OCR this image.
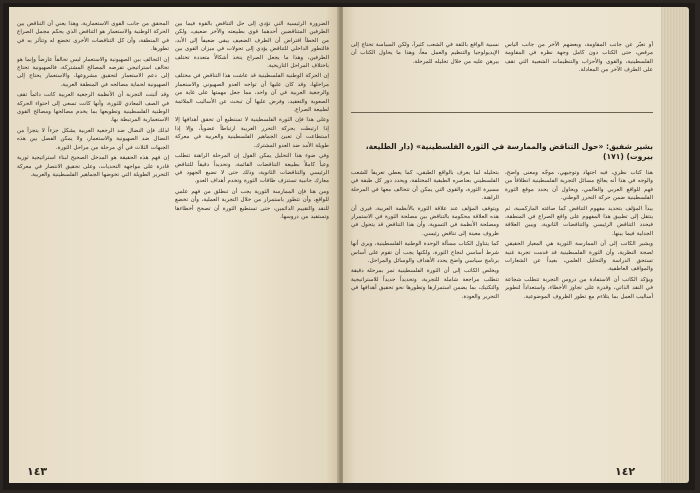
الضرورة الرئيسية التي تؤدي إلى حل التناقض بالقوة فيما بين الطرفين المتناقضين أحدهما قوي بطبيعته والآخر ضعيف، ولكن من الخطأ افتراض أن الطرف الضعيف يبقى ضعيفاً إلى الأبد، فالتطور الداخلي للتناقض يؤدي إلى تحولات في ميزان القوى بين الطرفين، وهذا ما يجعل الصراع يتخذ أشكالاً متعددة تختلف باختلاف المراحل التاريخية.

إن الحركة الوطنية الفلسطينية قد عاشت هذا التناقض في مختلف مراحلها، وقد كان عليها أن تواجه العدو الصهيوني والاستعمار والرجعية العربية في آن واحد، مما جعل مهمتها على غاية من الصعوبة والتعقيد، وفرض عليها أن تبحث عن الأساليب الملائمة لطبيعة الصراع.

وعلى هذا فإن الثورة الفلسطينية لا تستطيع أن تحقق أهدافها إلا إذا ارتبطت بحركة التحرر العربية ارتباطاً عضوياً، وإلا إذا استطاعت أن تعبئ الجماهير الفلسطينية والعربية في معركة طويلة الأمد ضد العدو المشترك.

وفي ضوء هذا التحليل يمكن القول إن المرحلة الراهنة تتطلب وعياً كاملاً بطبيعة التناقضات القائمة، وتحديداً دقيقاً للتناقض الرئيسي والتناقضات الثانوية، وذلك حتى لا تضيع الجهود في معارك جانبية تستنزف طاقات الثورة وتخدم أهداف العدو.

ومن هنا فإن الممارسة الثورية يجب أن تنطلق من فهم علمي للواقع، وأن تتطور باستمرار من خلال التجربة العملية، وأن تخضع للنقد والتقييم الدائمين، حتى تستطيع الثورة أن تصحح أخطاءها وتستفيد من دروسها.

المحقق من جانب القوى الاستعمارية، وهذا يعني أن التناقض بين الحركة الوطنية والاستعمار هو التناقض الذي يحكم مجمل الصراع في المنطقة، وأن كل التناقضات الأخرى تخضع له وتتأثر به في تطورها.

إن التحالف بين الصهيونية والاستعمار ليس تحالفاً عارضاً وإنما هو تحالف استراتيجي تفرضه المصالح المشتركة، فالصهيونية تحتاج إلى دعم الاستعمار لتحقيق مشروعها، والاستعمار يحتاج إلى الصهيونية لحماية مصالحه في المنطقة العربية.

وقد أثبتت التجربة أن الأنظمة الرجعية العربية كانت دائماً تقف في الصف المعادي للثورة، وأنها كانت تسعى إلى احتواء الحركة الوطنية الفلسطينية وتطويعها بما يخدم مصالحها ومصالح القوى الاستعمارية المرتبطة بها.

لذلك فإن النضال ضد الرجعية العربية يشكل جزءاً لا يتجزأ من النضال ضد الصهيونية والاستعمار، ولا يمكن الفصل بين هذه الجبهات الثلاث في أي مرحلة من مراحل الثورة.

إن فهم هذه الحقيقة هو المدخل الصحيح لبناء استراتيجية ثورية قادرة على مواجهة التحديات، وعلى تحقيق الانتصار في معركة التحرير الطويلة التي تخوضها الجماهير الفلسطينية والعربية.

١٤٣

أو تعبّر عن جانب المقاومة، وبعضهم الآخر من جانب الياس مرقص، حتى الكتاب دون كامل وجهة نظره في المقاومة الفلسطينية، والقوى والأحزاب والتنظيمات الشعبية التي تقف على الطرف الآخر من المعادلة.

نسبية الواقع بالثقة في الشعب كثيراً، ولكن السياسة تحتاج إلى الإيديولوجيا والتنظيم والعمل معاً، وهذا ما يحاول الكتاب أن يبرهن عليه من خلال تحليله للمرحلة.

بشير شفيق: «حول التناقض والممارسة في الثورة الفلسطينية» (دار الطليعة، بيروت) (١٧١)

هذا كتاب نظري، فيه اجتهاد وتوجيهي، موجّه ومعنى واضح، والوجه في هذا أنه يعالج مسائل التجربة الفلسطينية انطلاقاً من فهم للواقع العربي والعالمي، ويحاول أن يحدد موقع الثورة الفلسطينية ضمن حركة التحرر الوطني.

يبدأ المؤلف بتحديد مفهوم التناقض كما صاغته الماركسية، ثم ينتقل إلى تطبيق هذا المفهوم على واقع الصراع في المنطقة، فيحدد التناقض الرئيسي والتناقضات الثانوية، ويبين العلاقة الجدلية فيما بينها.

ويشير الكاتب إلى أن الممارسة الثورية هي المعيار الحقيقي لصحة النظرية، وأن الثورة الفلسطينية قد قدمت تجربة غنية تستحق الدراسة والتحليل العلمي، بعيداً عن الشعارات والمواقف العاطفية.

ويؤكد الكاتب أن الاستفادة من دروس التجربة تتطلب شجاعة في النقد الذاتي، وقدرة على تجاوز الأخطاء، واستعداداً لتطوير أساليب العمل بما يتلاءم مع تطور الظروف الموضوعية.

بتحليله لما يعرف بالواقع الطبقي، كما يعطي تعريفاً للشعب الفلسطيني بعناصره الطبقية المختلفة، ويحدد دور كل طبقة في مسيرة الثورة، والقوى التي يمكن أن تتحالف معها في المرحلة الراهنة.

ويتوقف المؤلف عند علاقة الثورة بالأنظمة العربية، فيرى أن هذه العلاقة محكومة بالتناقض بين مصلحة الثورة في الاستمرار ومصلحة الأنظمة في التسوية، وأن هذا التناقض قد يتحول في ظروف معينة إلى تناقض رئيسي.

كما يتناول الكتاب مسألة الوحدة الوطنية الفلسطينية، ويرى أنها شرط أساسي لنجاح الثورة، ولكنها يجب أن تقوم على أساس برنامج سياسي واضح يحدد الأهداف والوسائل والمراحل.

ويخلص الكاتب إلى أن الثورة الفلسطينية تمر بمرحلة دقيقة تتطلب مراجعة شاملة للتجربة، وتحديداً جديداً للاستراتيجية والتكتيك، بما يضمن استمرارها وتطورها نحو تحقيق أهدافها في التحرير والعودة.

١٤٢
